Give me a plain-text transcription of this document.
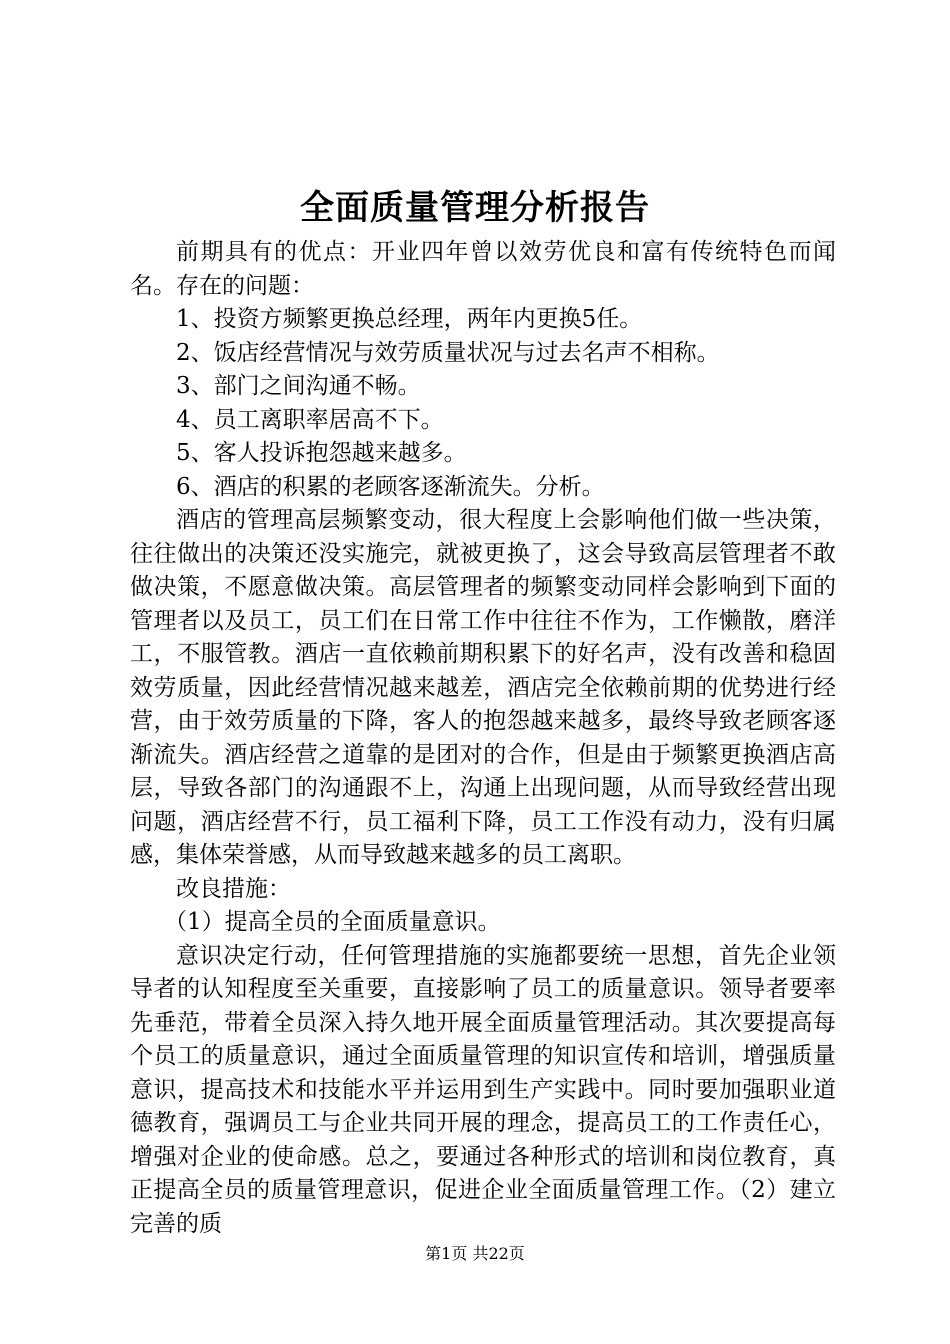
全面质量管理分析报告

前期具有的优点：开业四年曾以效劳优良和富有传统特色而闻名。存在的问题：

1、投资方频繁更换总经理，两年内更换5任。

2、饭店经营情况与效劳质量状况与过去名声不相称。

3、部门之间沟通不畅。

4、员工离职率居高不下。

5、客人投诉抱怨越来越多。

6、酒店的积累的老顾客逐渐流失。分析。

酒店的管理高层频繁变动，很大程度上会影响他们做一些决策，往往做出的决策还没实施完，就被更换了，这会导致高层管理者不敢做决策，不愿意做决策。高层管理者的频繁变动同样会影响到下面的管理者以及员工，员工们在日常工作中往往不作为，工作懒散，磨洋工，不服管教。酒店一直依赖前期积累下的好名声，没有改善和稳固效劳质量，因此经营情况越来越差，酒店完全依赖前期的优势进行经营，由于效劳质量的下降，客人的抱怨越来越多，最终导致老顾客逐渐流失。酒店经营之道靠的是团对的合作，但是由于频繁更换酒店高层，导致各部门的沟通跟不上，沟通上出现问题，从而导致经营出现问题，酒店经营不行，员工福利下降，员工工作没有动力，没有归属感，集体荣誉感，从而导致越来越多的员工离职。

改良措施：

（1）提高全员的全面质量意识。

意识决定行动，任何管理措施的实施都要统一思想，首先企业领导者的认知程度至关重要，直接影响了员工的质量意识。领导者要率先垂范，带着全员深入持久地开展全面质量管理活动。其次要提高每个员工的质量意识，通过全面质量管理的知识宣传和培训，增强质量意识，提高技术和技能水平并运用到生产实践中。同时要加强职业道德教育，强调员工与企业共同开展的理念，提高员工的工作责任心，增强对企业的使命感。总之，要通过各种形式的培训和岗位教育，真正提高全员的质量管理意识，促进企业全面质量管理工作。（2）建立完善的质

第1页 共22页
